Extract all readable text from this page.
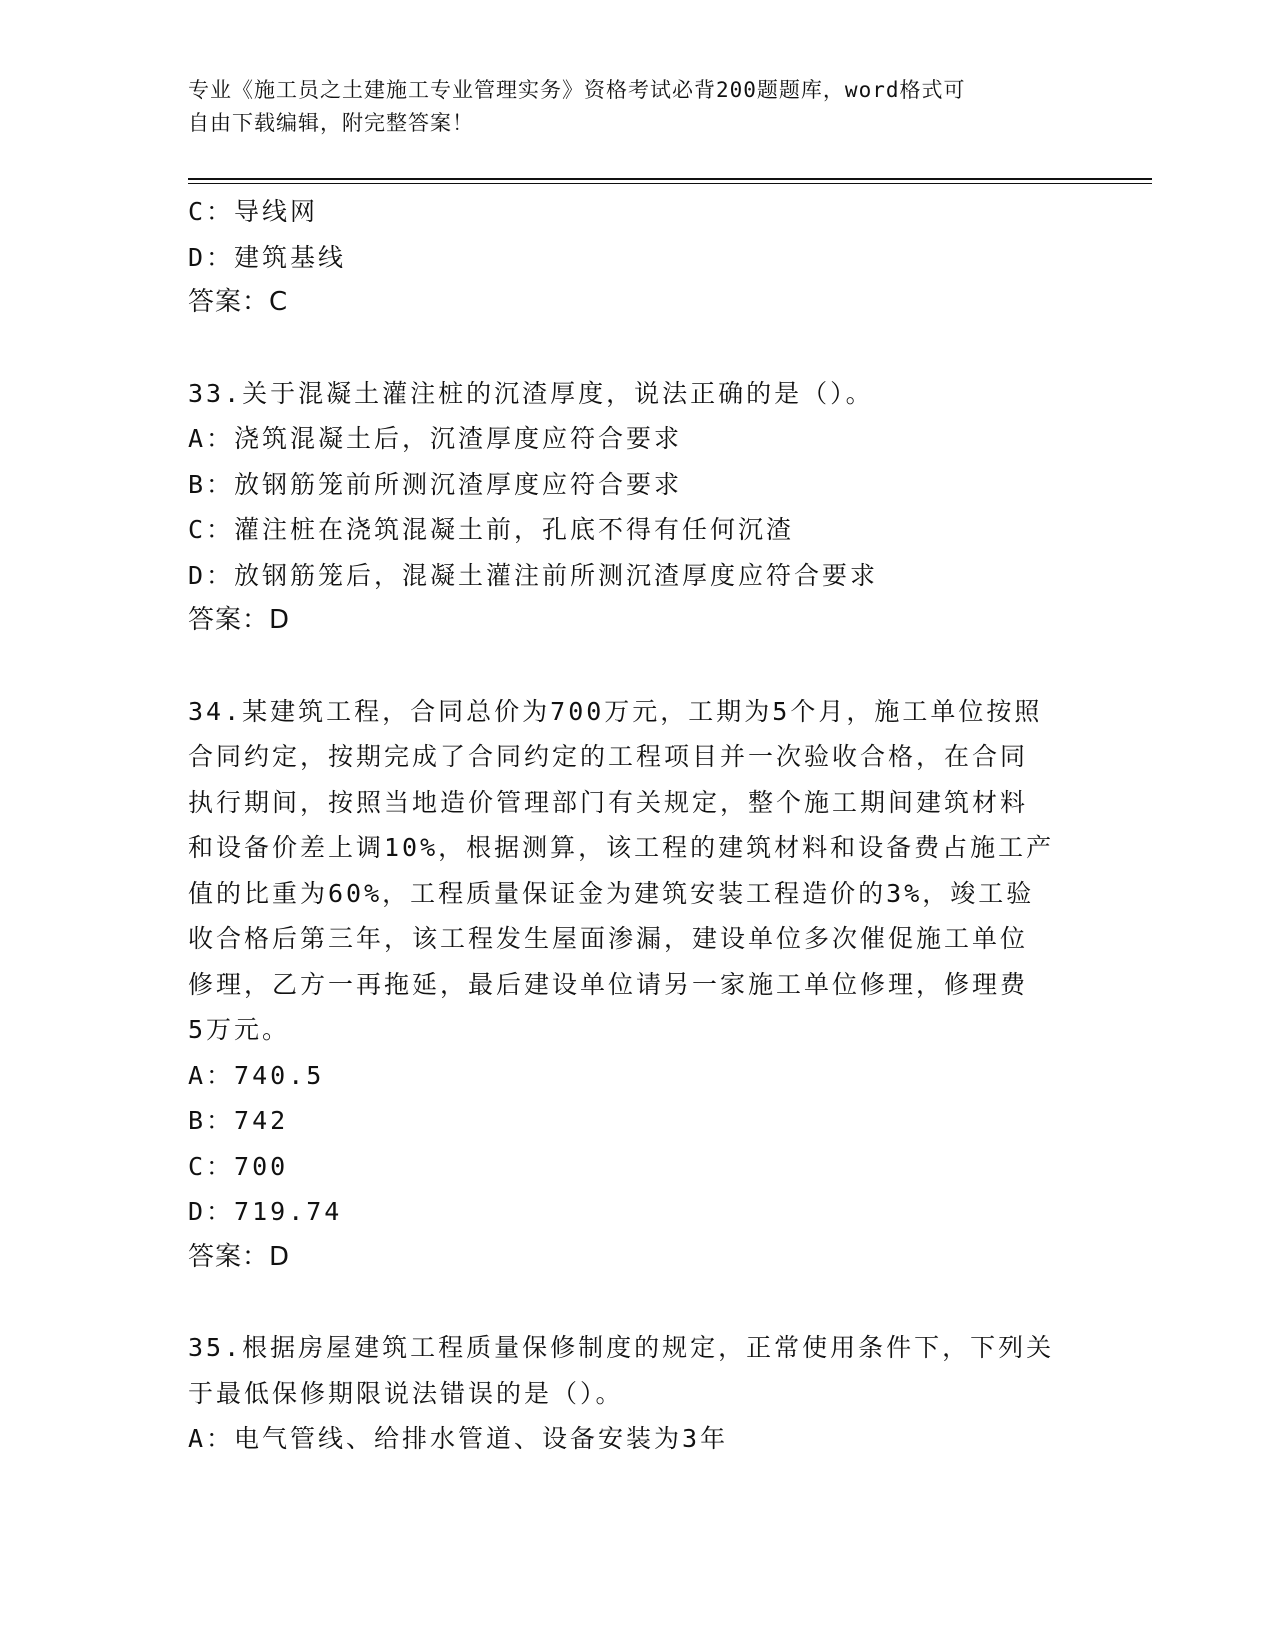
专业《施工员之土建施工专业管理实务》资格考试必背200题题库，word格式可
自由下载编辑，附完整答案！
C：导线网
D：建筑基线
答案：C
33.关于混凝土灌注桩的沉渣厚度，说法正确的是（）。
A：浇筑混凝土后，沉渣厚度应符合要求
B：放钢筋笼前所测沉渣厚度应符合要求
C：灌注桩在浇筑混凝土前，孔底不得有任何沉渣
D：放钢筋笼后，混凝土灌注前所测沉渣厚度应符合要求
答案：D
34.某建筑工程，合同总价为700万元，工期为5个月，施工单位按照
合同约定，按期完成了合同约定的工程项目并一次验收合格，在合同
执行期间，按照当地造价管理部门有关规定，整个施工期间建筑材料
和设备价差上调10%，根据测算，该工程的建筑材料和设备费占施工产
值的比重为60%，工程质量保证金为建筑安装工程造价的3%，竣工验
收合格后第三年，该工程发生屋面渗漏，建设单位多次催促施工单位
修理，乙方一再拖延，最后建设单位请另一家施工单位修理，修理费
5万元。
A：740.5
B：742
C：700
D：719.74
答案：D
35.根据房屋建筑工程质量保修制度的规定，正常使用条件下，下列关
于最低保修期限说法错误的是（）。
A：电气管线、给排水管道、设备安装为3年
